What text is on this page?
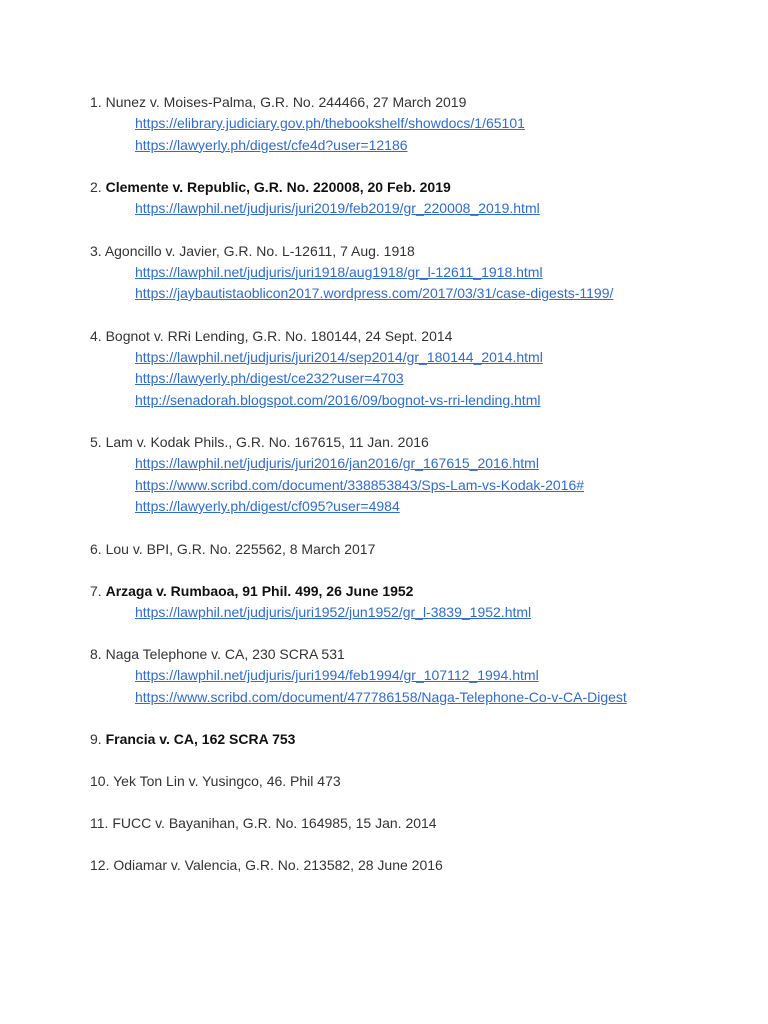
1. Nunez v. Moises-Palma, G.R. No. 244466, 27 March 2019
https://elibrary.judiciary.gov.ph/thebookshelf/showdocs/1/65101
https://lawyerly.ph/digest/cfe4d?user=12186
2. Clemente v. Republic, G.R. No. 220008, 20 Feb. 2019
https://lawphil.net/judjuris/juri2019/feb2019/gr_220008_2019.html
3. Agoncillo v. Javier, G.R. No. L-12611, 7 Aug. 1918
https://lawphil.net/judjuris/juri1918/aug1918/gr_l-12611_1918.html
https://jaybautistaoblicon2017.wordpress.com/2017/03/31/case-digests-1199/
4. Bognot v. RRi Lending, G.R. No. 180144, 24 Sept. 2014
https://lawphil.net/judjuris/juri2014/sep2014/gr_180144_2014.html
https://lawyerly.ph/digest/ce232?user=4703
http://senadorah.blogspot.com/2016/09/bognot-vs-rri-lending.html
5. Lam v. Kodak Phils., G.R. No. 167615, 11 Jan. 2016
https://lawphil.net/judjuris/juri2016/jan2016/gr_167615_2016.html
https://www.scribd.com/document/338853843/Sps-Lam-vs-Kodak-2016#
https://lawyerly.ph/digest/cf095?user=4984
6. Lou v. BPI, G.R. No. 225562, 8 March 2017
7. Arzaga v. Rumbaoa, 91 Phil. 499, 26 June 1952
https://lawphil.net/judjuris/juri1952/jun1952/gr_l-3839_1952.html
8. Naga Telephone v. CA, 230 SCRA 531
https://lawphil.net/judjuris/juri1994/feb1994/gr_107112_1994.html
https://www.scribd.com/document/477786158/Naga-Telephone-Co-v-CA-Digest
9. Francia v. CA, 162 SCRA 753
10. Yek Ton Lin v. Yusingco, 46. Phil 473
11. FUCC v. Bayanihan, G.R. No. 164985, 15 Jan. 2014
12. Odiamar v. Valencia, G.R. No. 213582, 28 June 2016
